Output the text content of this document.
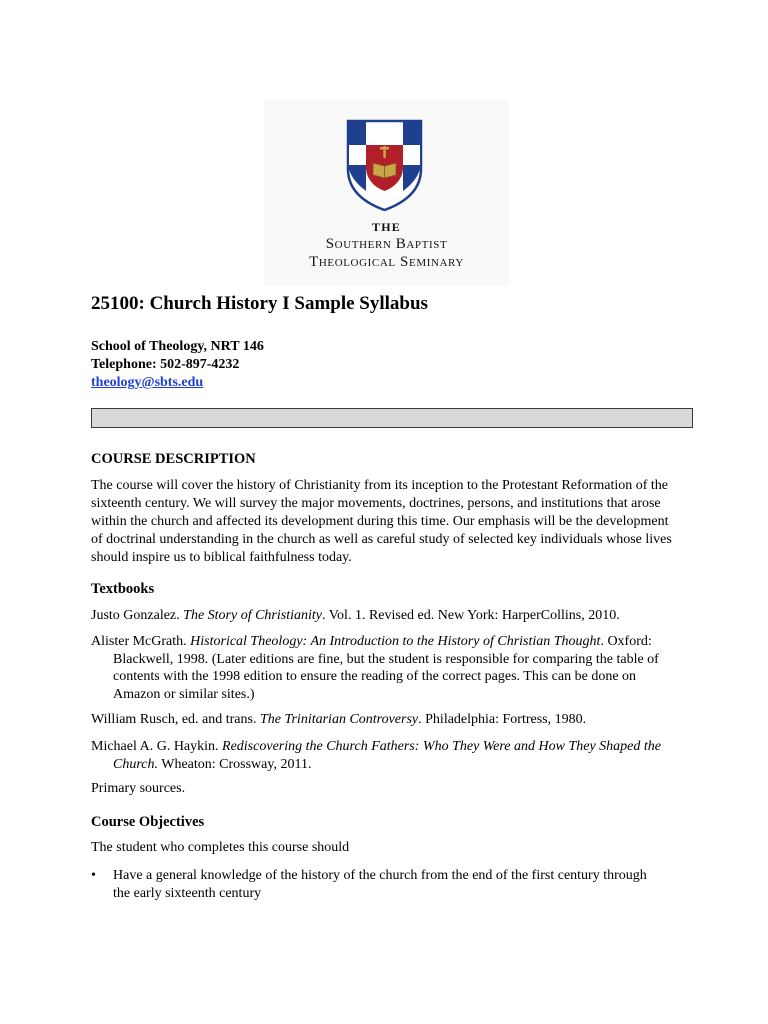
THE
Southern Baptist
Theological Seminary
25100: Church History I Sample Syllabus
School of Theology, NRT 146
Telephone: 502-897-4232
theology@sbts.edu
COURSE DESCRIPTION
The course will cover the history of Christianity from its inception to the Protestant Reformation of the sixteenth century. We will survey the major movements, doctrines, persons, and institutions that arose within the church and affected its development during this time. Our emphasis will be the development of doctrinal understanding in the church as well as careful study of selected key individuals whose lives should inspire us to biblical faithfulness today.
Textbooks
Justo Gonzalez. The Story of Christianity. Vol. 1. Revised ed. New York: HarperCollins, 2010.
Alister McGrath. Historical Theology: An Introduction to the History of Christian Thought. Oxford: Blackwell, 1998. (Later editions are fine, but the student is responsible for comparing the table of contents with the 1998 edition to ensure the reading of the correct pages. This can be done on Amazon or similar sites.)
William Rusch, ed. and trans. The Trinitarian Controversy. Philadelphia: Fortress, 1980.
Michael A. G. Haykin. Rediscovering the Church Fathers: Who They Were and How They Shaped the Church. Wheaton: Crossway, 2011.
Primary sources.
Course Objectives
The student who completes this course should
•	Have a general knowledge of the history of the church from the end of the first century through the early sixteenth century
